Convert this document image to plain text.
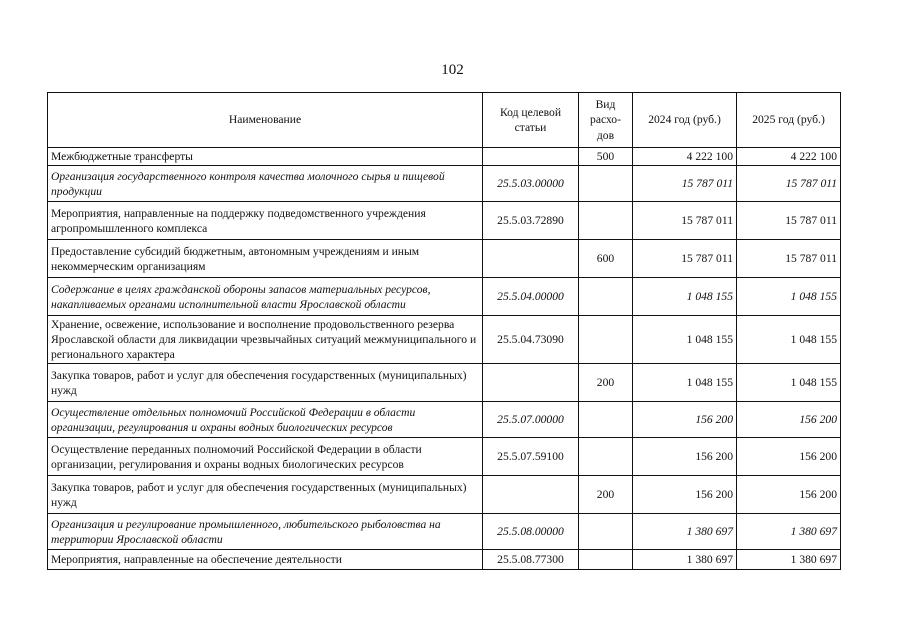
102
Наименование	Код целевой статьи	Вид расхо-дов	2024 год (руб.)	2025 год (руб.)
Межбюджетные трансферты		500	4 222 100	4 222 100
Организация государственного контроля качества молочного сырья и пищевой продукции	25.5.03.00000		15 787 011	15 787 011
Мероприятия, направленные на поддержку подведомственного учреждения агропромышленного комплекса	25.5.03.72890		15 787 011	15 787 011
Предоставление субсидий бюджетным, автономным учреждениям и иным некоммерческим организациям		600	15 787 011	15 787 011
Содержание в целях гражданской обороны запасов материальных ресурсов, накапливаемых органами исполнительной власти Ярославской области	25.5.04.00000		1 048 155	1 048 155
Хранение, освежение, использование и восполнение продовольственного резерва Ярославской области для ликвидации чрезвычайных ситуаций межмуниципального и регионального характера	25.5.04.73090		1 048 155	1 048 155
Закупка товаров, работ и услуг для обеспечения государственных (муниципальных) нужд		200	1 048 155	1 048 155
Осуществление отдельных полномочий Российской Федерации в области организации, регулирования и охраны водных биологических ресурсов	25.5.07.00000		156 200	156 200
Осуществление переданных полномочий Российской Федерации в области организации, регулирования и охраны водных биологических ресурсов	25.5.07.59100		156 200	156 200
Закупка товаров, работ и услуг для обеспечения государственных (муниципальных) нужд		200	156 200	156 200
Организация и регулирование промышленного, любительского рыболовства на территории Ярославской области	25.5.08.00000		1 380 697	1 380 697
Мероприятия, направленные на обеспечение деятельности	25.5.08.77300		1 380 697	1 380 697
